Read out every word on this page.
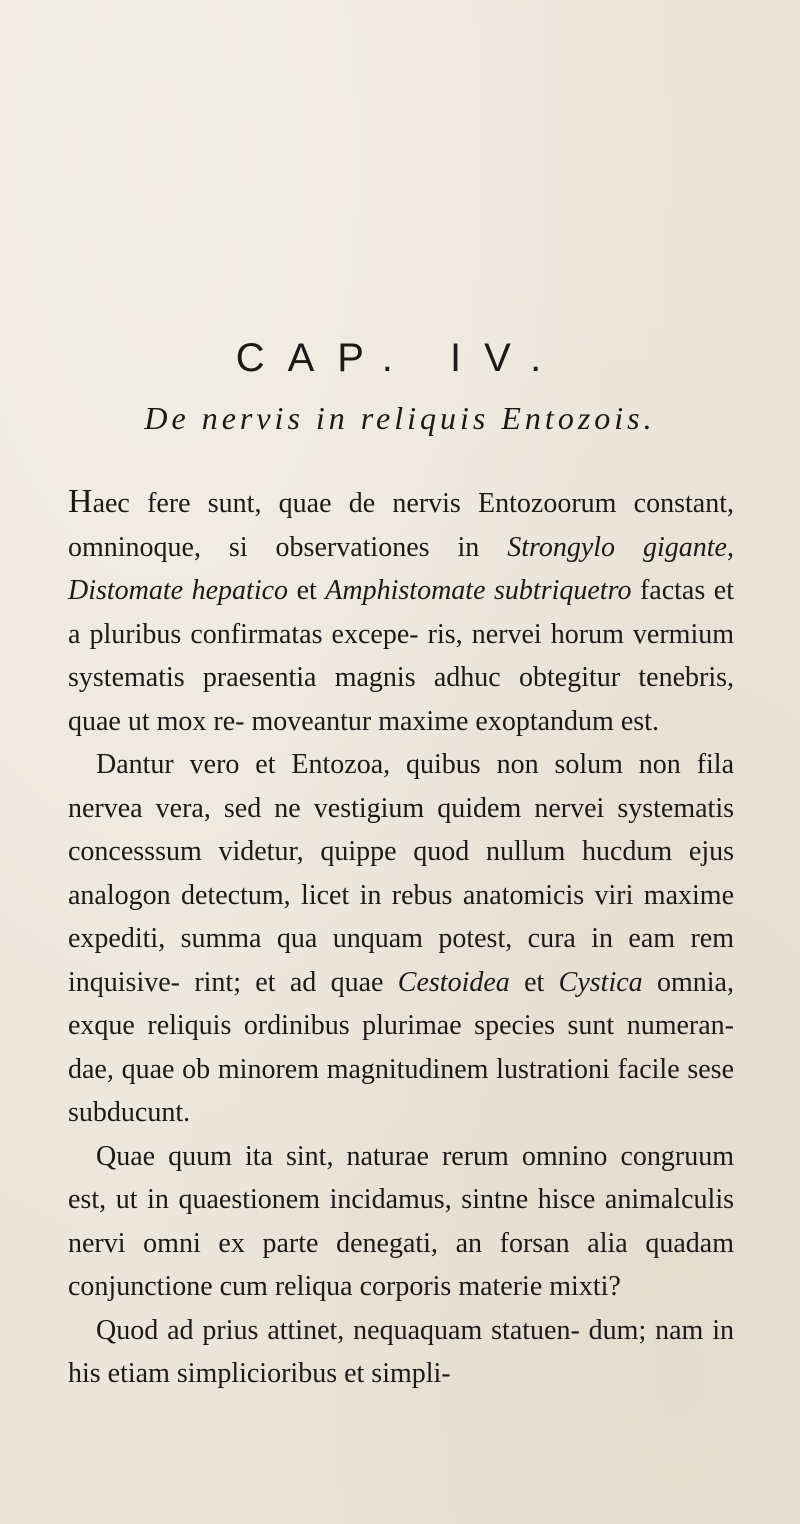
CAP. IV.
De nervis in reliquis Entozois.

Haec fere sunt, quae de nervis Entozoorum constant, omninoque, si observationes in Strongylo gigante, Distomate hepatico et Amphistomate subtriquetro factas et a pluribus confirmatas excepe- ris, nervei horum vermium systematis praesentia magnis adhuc obtegitur tenebris, quae ut mox re- moveantur maxime exoptandum est.

Dantur vero et Entozoa, quibus non solum non fila nervea vera, sed ne vestigium quidem nervei systematis concesssum videtur, quippe quod nullum hucdum ejus analogon detectum, licet in rebus anatomicis viri maxime expediti, summa qua unquam potest, cura in eam rem inquisive- rint; et ad quae Cestoidea et Cystica omnia, exque reliquis ordinibus plurimae species sunt numeran- dae, quae ob minorem magnitudinem lustrationi facile sese subducunt.

Quae quum ita sint, naturae rerum omnino congruum est, ut in quaestionem incidamus, sintne hisce animalculis nervi omni ex parte denegati, an forsan alia quadam conjunctione cum reliqua corporis materie mixti?

Quod ad prius attinet, nequaquam statuen- dum; nam in his etiam simplicioribus et simpli-
